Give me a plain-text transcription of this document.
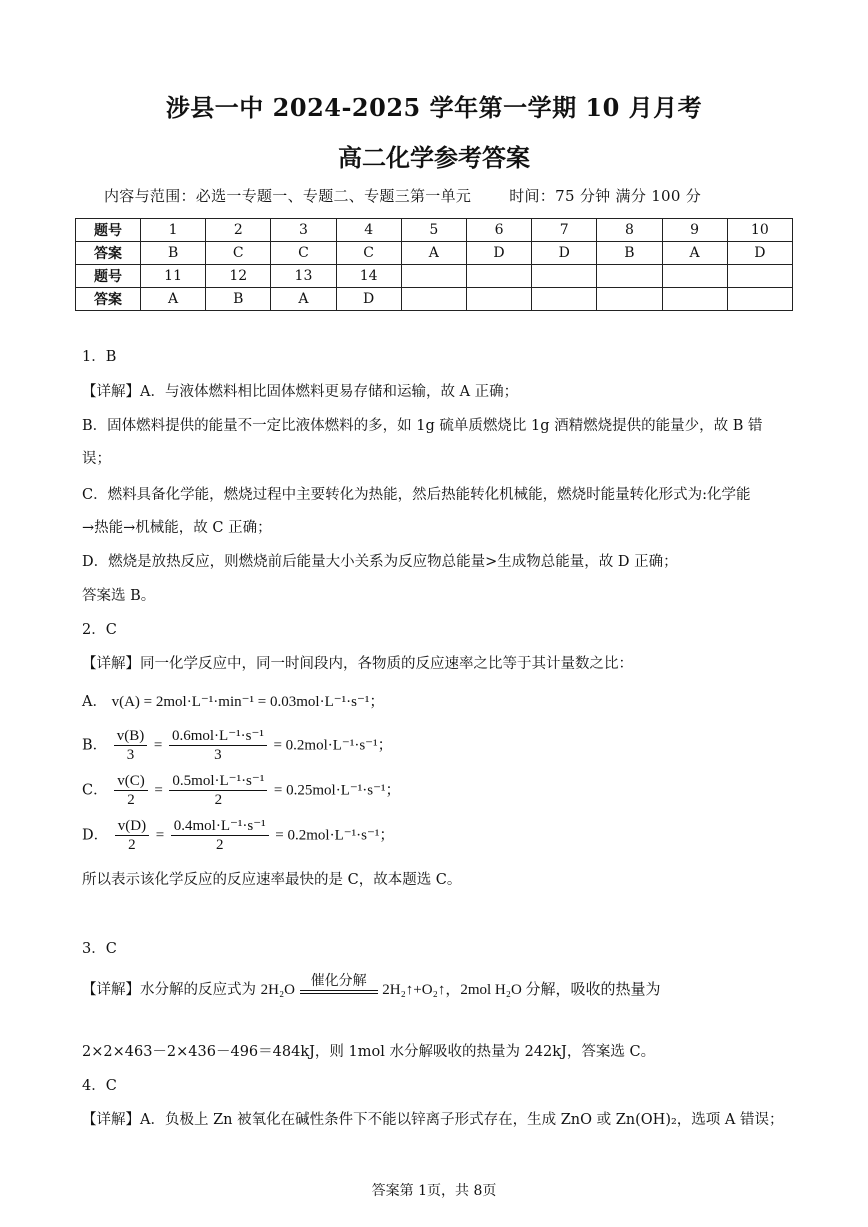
涉县一中 2024-2025 学年第一学期 10 月月考
高二化学参考答案
内容与范围：必选一专题一、专题二、专题三第一单元	时间：75 分钟 满分 100 分
题号	1	2	3	4	5	6	7	8	9	10
答案	B	C	C	C	A	D	D	B	A	D
题号	11	12	13	14						
答案	A	B	A	D						
1．B
【详解】A．与液体燃料相比固体燃料更易存储和运输，故 A 正确；
B．固体燃料提供的能量不一定比液体燃料的多，如 1g 硫单质燃烧比 1g 酒精燃烧提供的能量少，故 B 错
误；
C．燃料具备化学能，燃烧过程中主要转化为热能，然后热能转化机械能，燃烧时能量转化形式为:化学能
→热能→机械能，故 C 正确；
D．燃烧是放热反应，则燃烧前后能量大小关系为反应物总能量>生成物总能量，故 D 正确；
答案选 B。
2．C
【详解】同一化学反应中，同一时间段内，各物质的反应速率之比等于其计量数之比：
A． v(A) = 2mol·L⁻¹·min⁻¹ = 0.03mol·L⁻¹·s⁻¹；
B． $\frac{v(B)}{3} = \frac{\text{0.6mol·L⁻¹·s⁻¹}}{3} = 0.2mol\cdot L^{-1}\cdot s^{-1}$；
C． $\frac{v(C)}{2} = \frac{\text{0.5mol·L⁻¹·s⁻¹}}{2} = 0.25mol\cdot L^{-1}\cdot s^{-1}$；
D． $\frac{v(D)}{2} = \frac{\text{0.4mol·L⁻¹·s⁻¹}}{2} = 0.2mol\cdot L^{-1}\cdot s^{-1}$；
所以表示该化学反应的反应速率最快的是 C，故本题选 C。
3．C
【详解】水分解的反应式为 2H₂O
催化分解
2H₂↑+O₂↑，2mol H₂O 分解，吸收的热量为
2×2×463－2×436－496＝484kJ，则 1mol 水分解吸收的热量为 242kJ，答案选 C。
4．C
【详解】A．负极上 Zn 被氧化在碱性条件下不能以锌离子形式存在，生成 ZnO 或 Zn(OH)₂，选项 A 错误；
答案第 1页，共 8页
